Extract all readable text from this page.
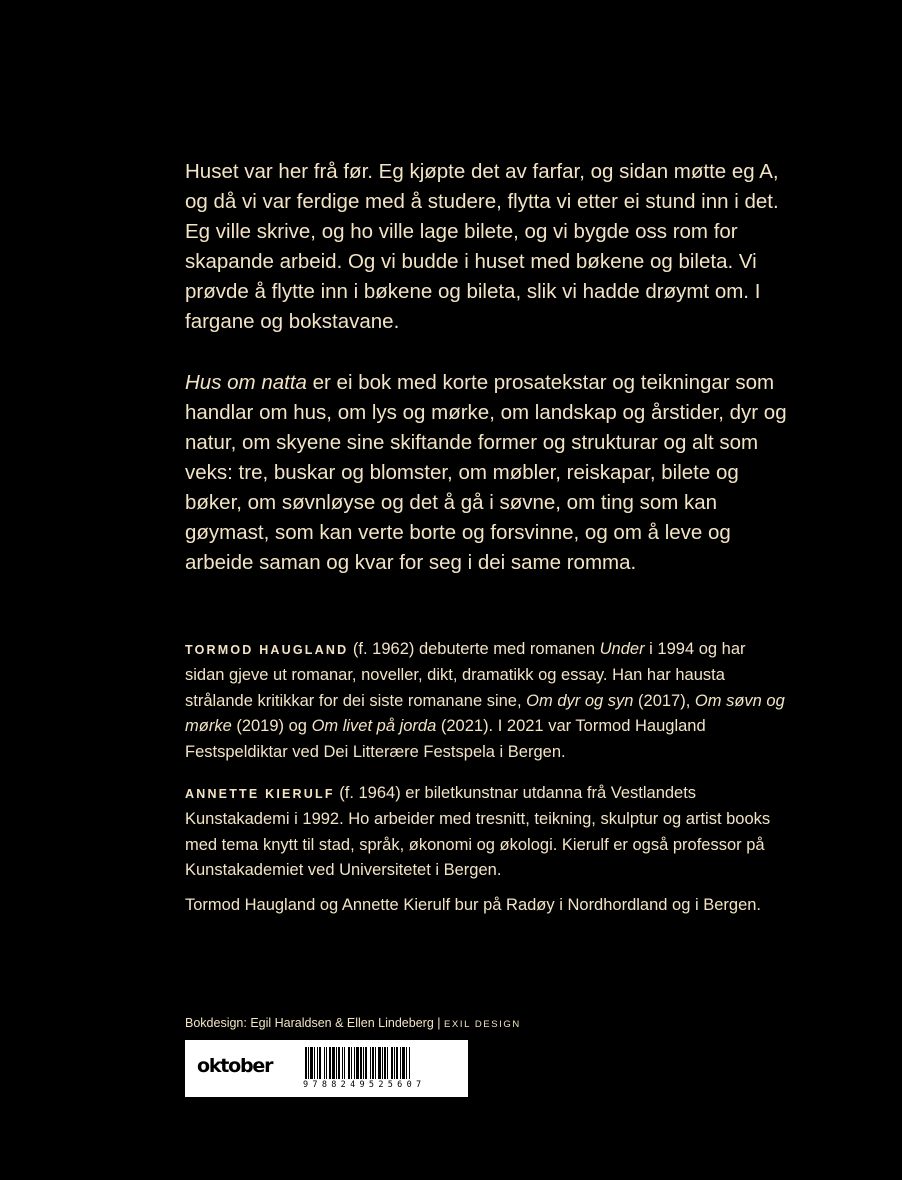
Huset var her frå før. Eg kjøpte det av farfar, og sidan møtte eg A, og då vi var ferdige med å studere, flytta vi etter ei stund inn i det. Eg ville skrive, og ho ville lage bilete, og vi bygde oss rom for skapande arbeid. Og vi budde i huset med bøkene og bileta. Vi prøvde å flytte inn i bøkene og bileta, slik vi hadde drøymt om. I fargane og bokstavane.

Hus om natta er ei bok med korte prosatekstar og teikningar som handlar om hus, om lys og mørke, om landskap og årstider, dyr og natur, om skyene sine skiftande former og strukturar og alt som veks: tre, buskar og blomster, om møbler, reiskapar, bilete og bøker, om søvnløyse og det å gå i søvne, om ting som kan gøymast, som kan verte borte og forsvinne, og om å leve og arbeide saman og kvar for seg i dei same romma.

TORMOD HAUGLAND (f. 1962) debuterte med romanen Under i 1994 og har sidan gjeve ut romanar, noveller, dikt, dramatikk og essay. Han har hausta strålande kritikkar for dei siste romanane sine, Om dyr og syn (2017), Om søvn og mørke (2019) og Om livet på jorda (2021). I 2021 var Tormod Haugland Festspeldiktar ved Dei Litterære Festspela i Bergen.

ANNETTE KIERULF (f. 1964) er biletkunstnar utdanna frå Vestlandets Kunstakademi i 1992. Ho arbeider med tresnitt, teikning, skulptur og artist books med tema knytt til stad, språk, økonomi og økologi. Kierulf er også professor på Kunstakademiet ved Universitetet i Bergen.

Tormod Haugland og Annette Kierulf bur på Radøy i Nordhordland og i Bergen.

Bokdesign: Egil Haraldsen & Ellen Lindeberg | EXIL DESIGN

oktober
9788249525607
